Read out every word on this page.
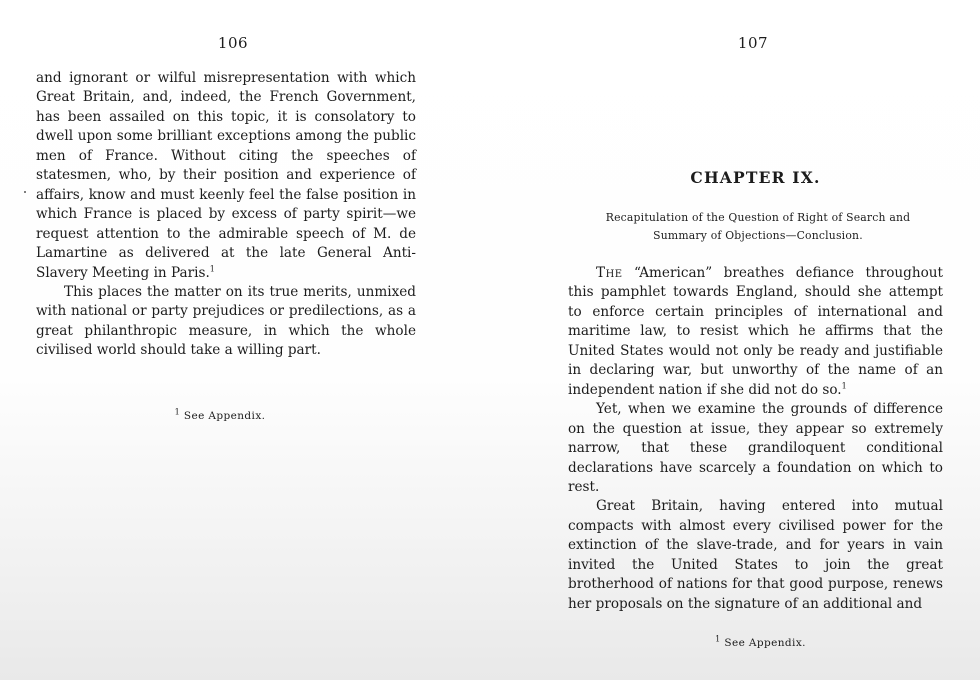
106

and ignorant or wilful misrepresentation with which Great Britain, and, indeed, the French Government, has been assailed on this topic, it is consolatory to dwell upon some brilliant exceptions among the public men of France. Without citing the speeches of statesmen, who, by their position and experience of affairs, know and must keenly feel the false position in which France is placed by excess of party spirit—we request attention to the admirable speech of M. de Lamartine as delivered at the late General Anti-Slavery Meeting in Paris.$^1$

This places the matter on its true merits, unmixed with national or party prejudices or predilections, as a great philanthropic measure, in which the whole civilised world should take a willing part.

$^1$ See Appendix.
107
CHAPTER IX.
Recapitulation of the Question of Right of Search and Summary of Objections—Conclusion.

The “American” breathes defiance throughout this pamphlet towards England, should she attempt to enforce certain principles of international and maritime law, to resist which he affirms that the United States would not only be ready and justifiable in declaring war, but unworthy of the name of an independent nation if she did not do so.$^1$

Yet, when we examine the grounds of difference on the question at issue, they appear so extremely narrow, that these grandiloquent conditional declarations have scarcely a foundation on which to rest.

Great Britain, having entered into mutual compacts with almost every civilised power for the extinction of the slave-trade, and for years in vain invited the United States to join the great brotherhood of nations for that good purpose, renews her proposals on the signature of an additional and

$^1$ See Appendix.
